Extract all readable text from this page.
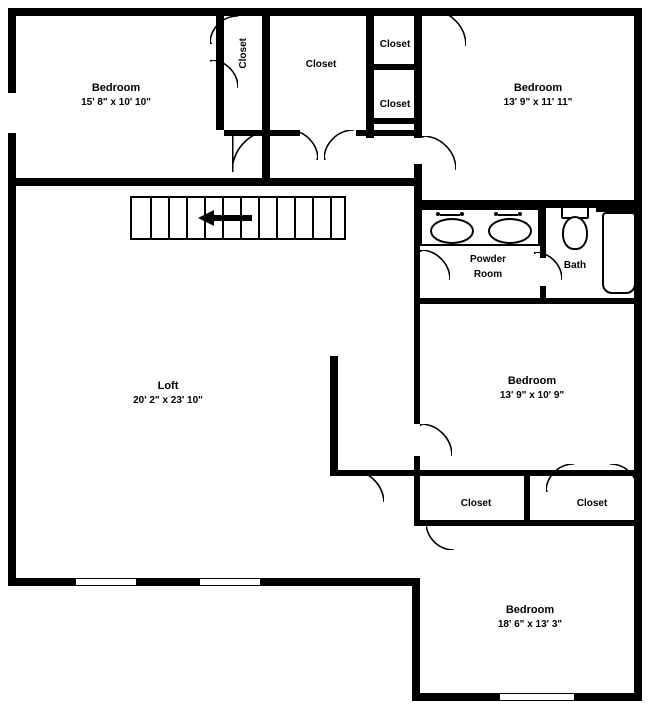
Bedroom
15' 8" x 10' 10"
Bedroom
13' 9" x 11' 11"
Bedroom
13' 9" x 10' 9"
Bedroom
18' 6" x 13' 3"
Loft
20' 2" x 23' 10"
Powder
Room
Bath
Closet	Closet
Closet
Closet
Closet	Closet
